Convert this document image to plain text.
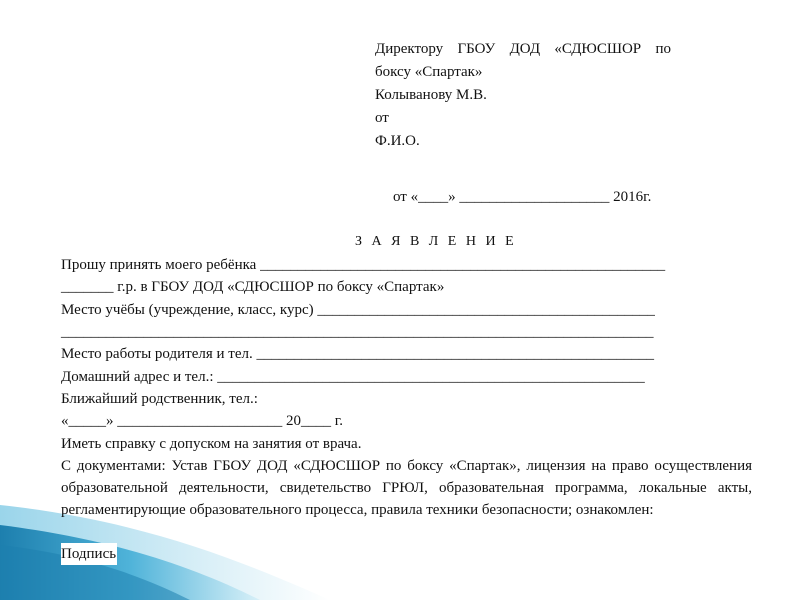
Директору ГБОУ ДОД «СДЮСШОР по
боксу «Спартак»
Колыванову М.В.
от
Ф.И.О.
от «____» ____________________ 2016г.
З А Я В Л Е Н И Е
Прошу принять моего ребёнка ______________________________________________________
_______ г.р. в ГБОУ ДОД «СДЮСШОР по боксу «Спартак»
Место учёбы (учреждение, класс, курс) _____________________________________________
_______________________________________________________________________________
Место работы родителя и тел. _____________________________________________________
Домашний адрес и тел.: _________________________________________________________
Ближайший родственник, тел.:
«_____» ______________________ 20____ г.
Иметь справку с допуском на занятия от врача.
С документами: Устав ГБОУ ДОД «СДЮСШОР по боксу «Спартак», лицензия на право осуществления образовательной деятельности, свидетельство ГРЮЛ, образовательная программа, локальные акты, регламентирующие образовательного процесса, правила техники безопасности; ознакомлен:
Подпись
